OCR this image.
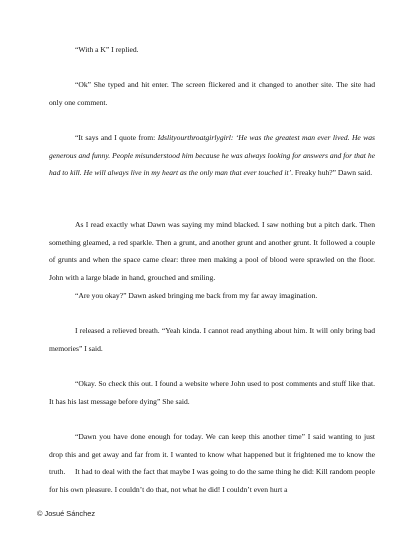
“With a K” I replied.

“Ok” She typed and hit enter. The screen flickered and it changed to another site. The site had only one comment.

“It says and I quote from: Idslityourthroatgirlygirl: ‘He was the greatest man ever lived. He was generous and funny. People misunderstood him because he was always looking for answers and for that he had to kill. He will always live in my heart as the only man that ever touched it’. Freaky huh?” Dawn said.

As I read exactly what Dawn was saying my mind blacked. I saw nothing but a pitch dark. Then something gleamed, a red sparkle. Then a grunt, and another grunt and another grunt. It followed a couple of grunts and when the space came clear: three men making a pool of blood were sprawled on the floor. John with a large blade in hand, grouched and smiling.

“Are you okay?” Dawn asked bringing me back from my far away imagination.

I released a relieved breath. “Yeah kinda. I cannot read anything about him. It will only bring bad memories” I said.

“Okay. So check this out. I found a website where John used to post comments and stuff like that. It has his last message before dying” She said.

“Dawn you have done enough for today. We can keep this another time” I said wanting to just drop this and get away and far from it. I wanted to know what happened but it frightened me to know the truth.	It had to deal with the fact that maybe I was going to do the same thing he did: Kill random people for his own pleasure. I couldn’t do that, not what he did! I couldn’t even hurt a

© Josué Sánchez
